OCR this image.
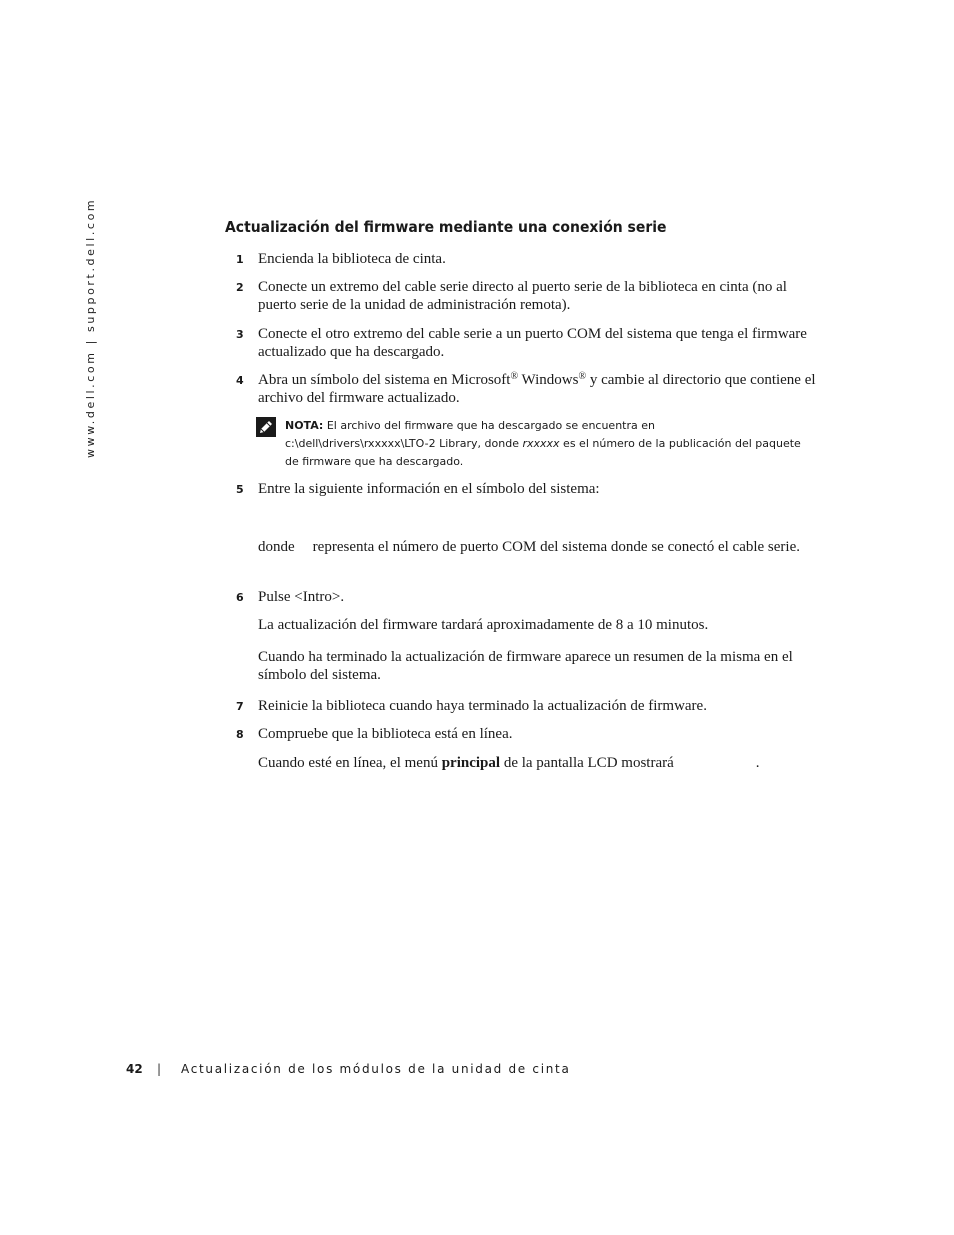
www.dell.com | support.dell.com	Actualización del firmware mediante una conexión serie
1 Encienda la biblioteca de cinta.
2 Conecte un extremo del cable serie directo al puerto serie de la biblioteca en cinta (no al puerto serie de la unidad de administración remota).
3 Conecte el otro extremo del cable serie a un puerto COM del sistema que tenga el firmware actualizado que ha descargado.
4 Abra un símbolo del sistema en Microsoft® Windows® y cambie al directorio que contiene el archivo del firmware actualizado.
NOTA: El archivo del firmware que ha descargado se encuentra en
c:\dell\drivers\rxxxxx\LTO-2 Library, donde rxxxxx es el número de la publicación del paquete de firmware que ha descargado.
5 Entre la siguiente información en el símbolo del sistema:
donde representa el número de puerto COM del sistema donde se conectó el cable serie.
6 Pulse <Intro>.
La actualización del firmware tardará aproximadamente de 8 a 10 minutos.
Cuando ha terminado la actualización de firmware aparece un resumen de la misma en el símbolo del sistema.
7 Reinicie la biblioteca cuando haya terminado la actualización de firmware.
8 Compruebe que la biblioteca está en línea.
Cuando esté en línea, el menú principal de la pantalla LCD mostrará	.
42 | Actualización de los módulos de la unidad de cinta
